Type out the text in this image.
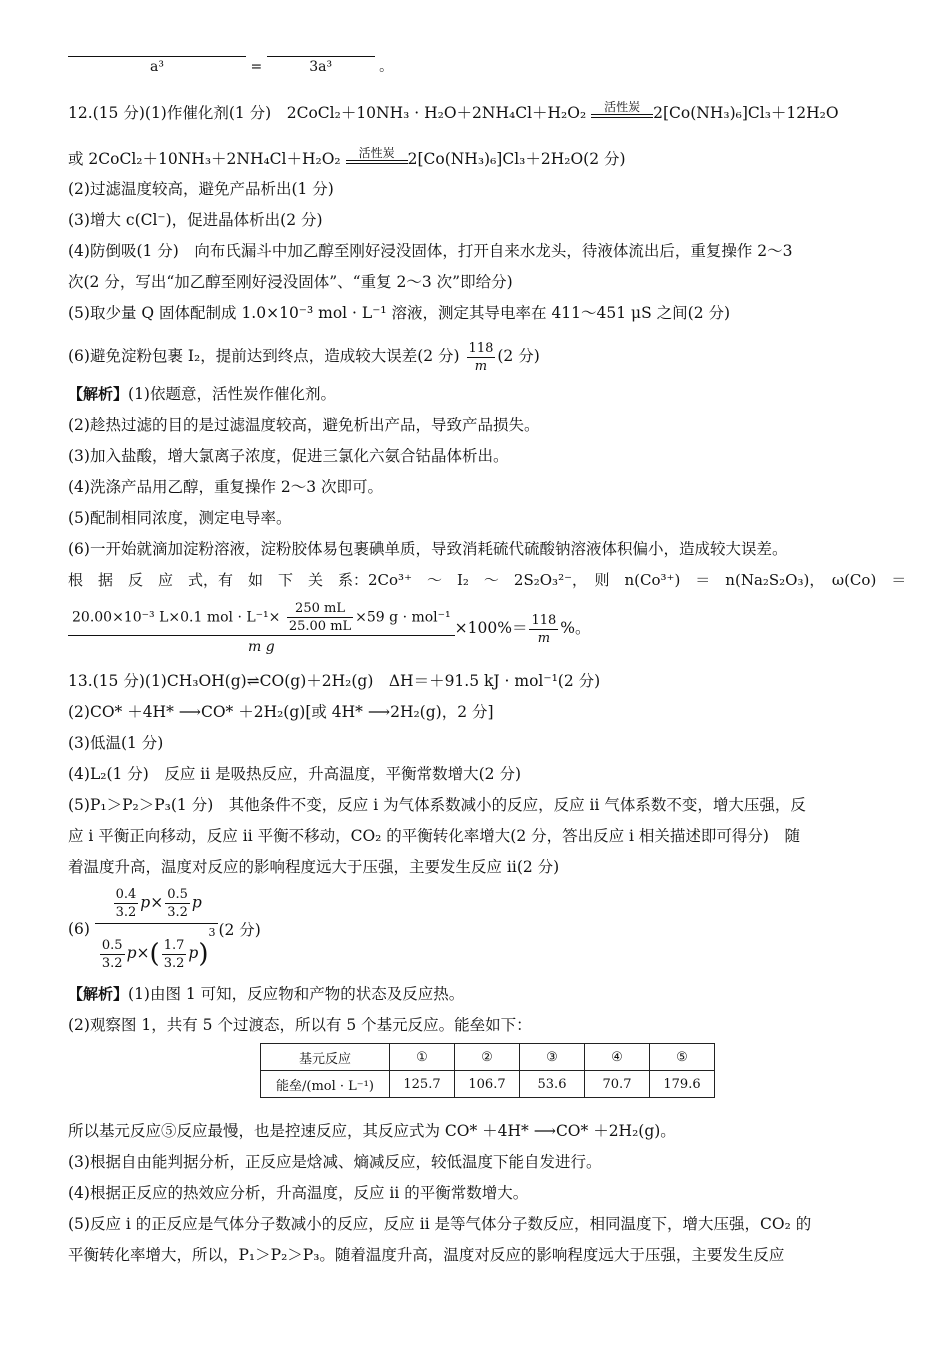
a³	=	3a³	。
12.(15 分)(1)作催化剂(1 分)　2CoCl₂＋10NH₃ · H₂O＋2NH₄Cl＋H₂O₂	活性炭 2[Co(NH₃)₆]Cl₃＋12H₂O
或 2CoCl₂＋10NH₃＋2NH₄Cl＋H₂O₂	活性炭 2[Co(NH₃)₆]Cl₃＋2H₂O(2 分)
(2)过滤温度较高，避免产品析出(1 分)
(3)增大 c(Cl⁻)，促进晶体析出(2 分)
(4)防倒吸(1 分)　向布氏漏斗中加乙醇至刚好浸没固体，打开自来水龙头，待液体流出后，重复操作 2～3
次(2 分，写出“加乙醇至刚好浸没固体”、“重复 2～3 次”即给分)
(5)取少量 Q 固体配制成 1.0×10⁻³ mol · L⁻¹ 溶液，测定其导电率在 411～451 μS 之间(2 分)
(6)避免淀粉包裹 I₂，提前达到终点，造成较大误差(2 分) $\frac{118}{m} (2$ 分)
【解析】(1)依题意，活性炭作催化剂。
(2)趁热过滤的目的是过滤温度较高，避免析出产品，导致产品损失。
(3)加入盐酸，增大氯离子浓度，促进三氯化六氨合钴晶体析出。
(4)洗涤产品用乙醇，重复操作 2～3 次即可。
(5)配制相同浓度，测定电导率。
(6)一开始就滴加淀粉溶液，淀粉胶体易包裹碘单质，导致消耗硫代硫酸钠溶液体积偏小，造成较大误差。
根　据　反　应　式，有　如　下　关　系：2Co³⁺　～　I₂　～　2S₂O₃²⁻，　则　n(Co³⁺)　＝　n(Na₂S₂O₃)，　ω(Co)　＝
20.00×10⁻³ L×0.1 mol · $L^{-1}\times \frac{250 mL}{25.00 mL} \times 59$ g · mol⁻¹
m g
$\times 100\%= \frac{118}{m}$ %。
13.(15 分)(1)CH₃OH(g)⇌CO(g)＋2H₂(g)　ΔH＝＋91.5 kJ · mol⁻¹(2 分)
(2)CO* ＋4H* ⟶CO* ＋2H₂(g)[或 4H* ⟶2H₂(g)，2 分]
(3)低温(1 分)
(4)L₂(1 分)　反应 ⅱ 是吸热反应，升高温度，平衡常数增大(2 分)
(5)P₁＞P₂＞P₃(1 分)　其他条件不变，反应 ⅰ 为气体系数减小的反应，反应 ⅱ 气体系数不变，增大压强，反
应 ⅰ 平衡正向移动，反应 ⅱ 平衡不移动，CO₂ 的平衡转化率增大(2 分，答出反应 ⅰ 相关描述即可得分)　随
着温度升高，温度对反应的影响程度远大于压强，主要发生反应 ⅱ(2 分)
$(6) \frac{\frac{0.4}{3.2} p\times \frac{0.5}{3.2} p}{\frac{0.5}{3.2} p\times( \frac{1.7}{3.2} p)^3} (2$ 分)
【解析】(1)由图 1 可知，反应物和产物的状态及反应热。
(2)观察图 1，共有 5 个过渡态，所以有 5 个基元反应。能垒如下：
基元反应	①	②	③	④	⑤
能垒/(mol · L⁻¹)	125.7	106.7	53.6	70.7	179.6
所以基元反应⑤反应最慢，也是控速反应，其反应式为 CO* ＋4H* ⟶CO* ＋2H₂(g)。
(3)根据自由能判据分析，正反应是焓减、熵减反应，较低温度下能自发进行。
(4)根据正反应的热效应分析，升高温度，反应 ⅱ 的平衡常数增大。
(5)反应 ⅰ 的正反应是气体分子数减小的反应，反应 ⅱ 是等气体分子数反应，相同温度下，增大压强，CO₂ 的
平衡转化率增大，所以，P₁＞P₂＞P₃。随着温度升高，温度对反应的影响程度远大于压强，主要发生反应
